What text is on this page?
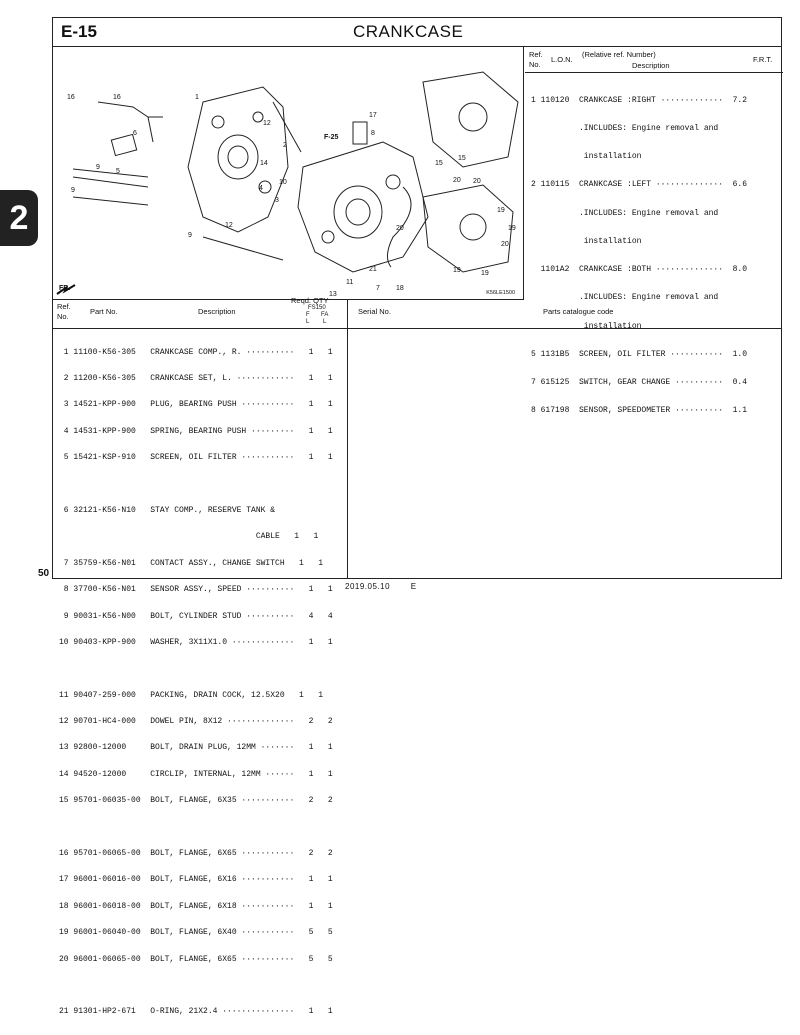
2
E-15	CRANKCASE
16	16	1
6
5
9
9
9
12
12
2
14
10
4
3
F-25
17
8
15
15
20 20
19
19
20
20
19	19
21
7 18
11
13
FR.
K56LE1500
Ref.
No.
L.O.N.
(Relative ref. Number)
Description
F.R.T.

1 110120  CRANKCASE :RIGHT ·············  7.2

.INCLUDES: Engine removal and

installation

2 110115  CRANKCASE :LEFT ··············  6.6

.INCLUDES: Engine removal and

installation

1101A2  CRANKCASE :BOTH ··············  8.0

.INCLUDES: Engine removal and

installation

5 1131B5  SCREEN, OIL FILTER ···········  1.0

7 615125  SWITCH, GEAR CHANGE ··········  0.4

8 617198  SENSOR, SPEEDOMETER ··········  1.1

Ref.
No.
Part No.	Description
Reqd. QTY
FS150
F FA
L L
Serial No.	Parts catalogue code

1 11100-K56-305   CRANKCASE COMP., R. ··········   1   1

2 11200-K56-305   CRANKCASE SET, L. ············   1   1

3 14521-KPP-900   PLUG, BEARING PUSH ···········   1   1

4 14531-KPP-900   SPRING, BEARING PUSH ·········   1   1

5 15421-KSP-910   SCREEN, OIL FILTER ···········   1   1

6 32121-K56-N10   STAY COMP., RESERVE TANK &

CABLE   1   1

7 35759-K56-N01   CONTACT ASSY., CHANGE SWITCH   1   1

8 37700-K56-N01   SENSOR ASSY., SPEED ··········   1   1

9 90031-K56-N00   BOLT, CYLINDER STUD ··········   4   4

10 90403-KPP-900   WASHER, 3X11X1.0 ·············   1   1

11 90407-259-000   PACKING, DRAIN COCK, 12.5X20   1   1

12 90701-HC4-000   DOWEL PIN, 8X12 ··············   2   2

13 92800-12000     BOLT, DRAIN PLUG, 12MM ·······   1   1

14 94520-12000     CIRCLIP, INTERNAL, 12MM ······   1   1

15 95701-06035-00  BOLT, FLANGE, 6X35 ···········   2   2

16 95701-06065-00  BOLT, FLANGE, 6X65 ···········   2   2

17 96001-06016-00  BOLT, FLANGE, 6X16 ···········   1   1

18 96001-06018-00  BOLT, FLANGE, 6X18 ···········   1   1

19 96001-06040-00  BOLT, FLANGE, 6X40 ···········   5   5

20 96001-06065-00  BOLT, FLANGE, 6X65 ···········   5   5

21 91301-HP2-671   O-RING, 21X2.4 ···············   1   1

50
2019.05.10	E
